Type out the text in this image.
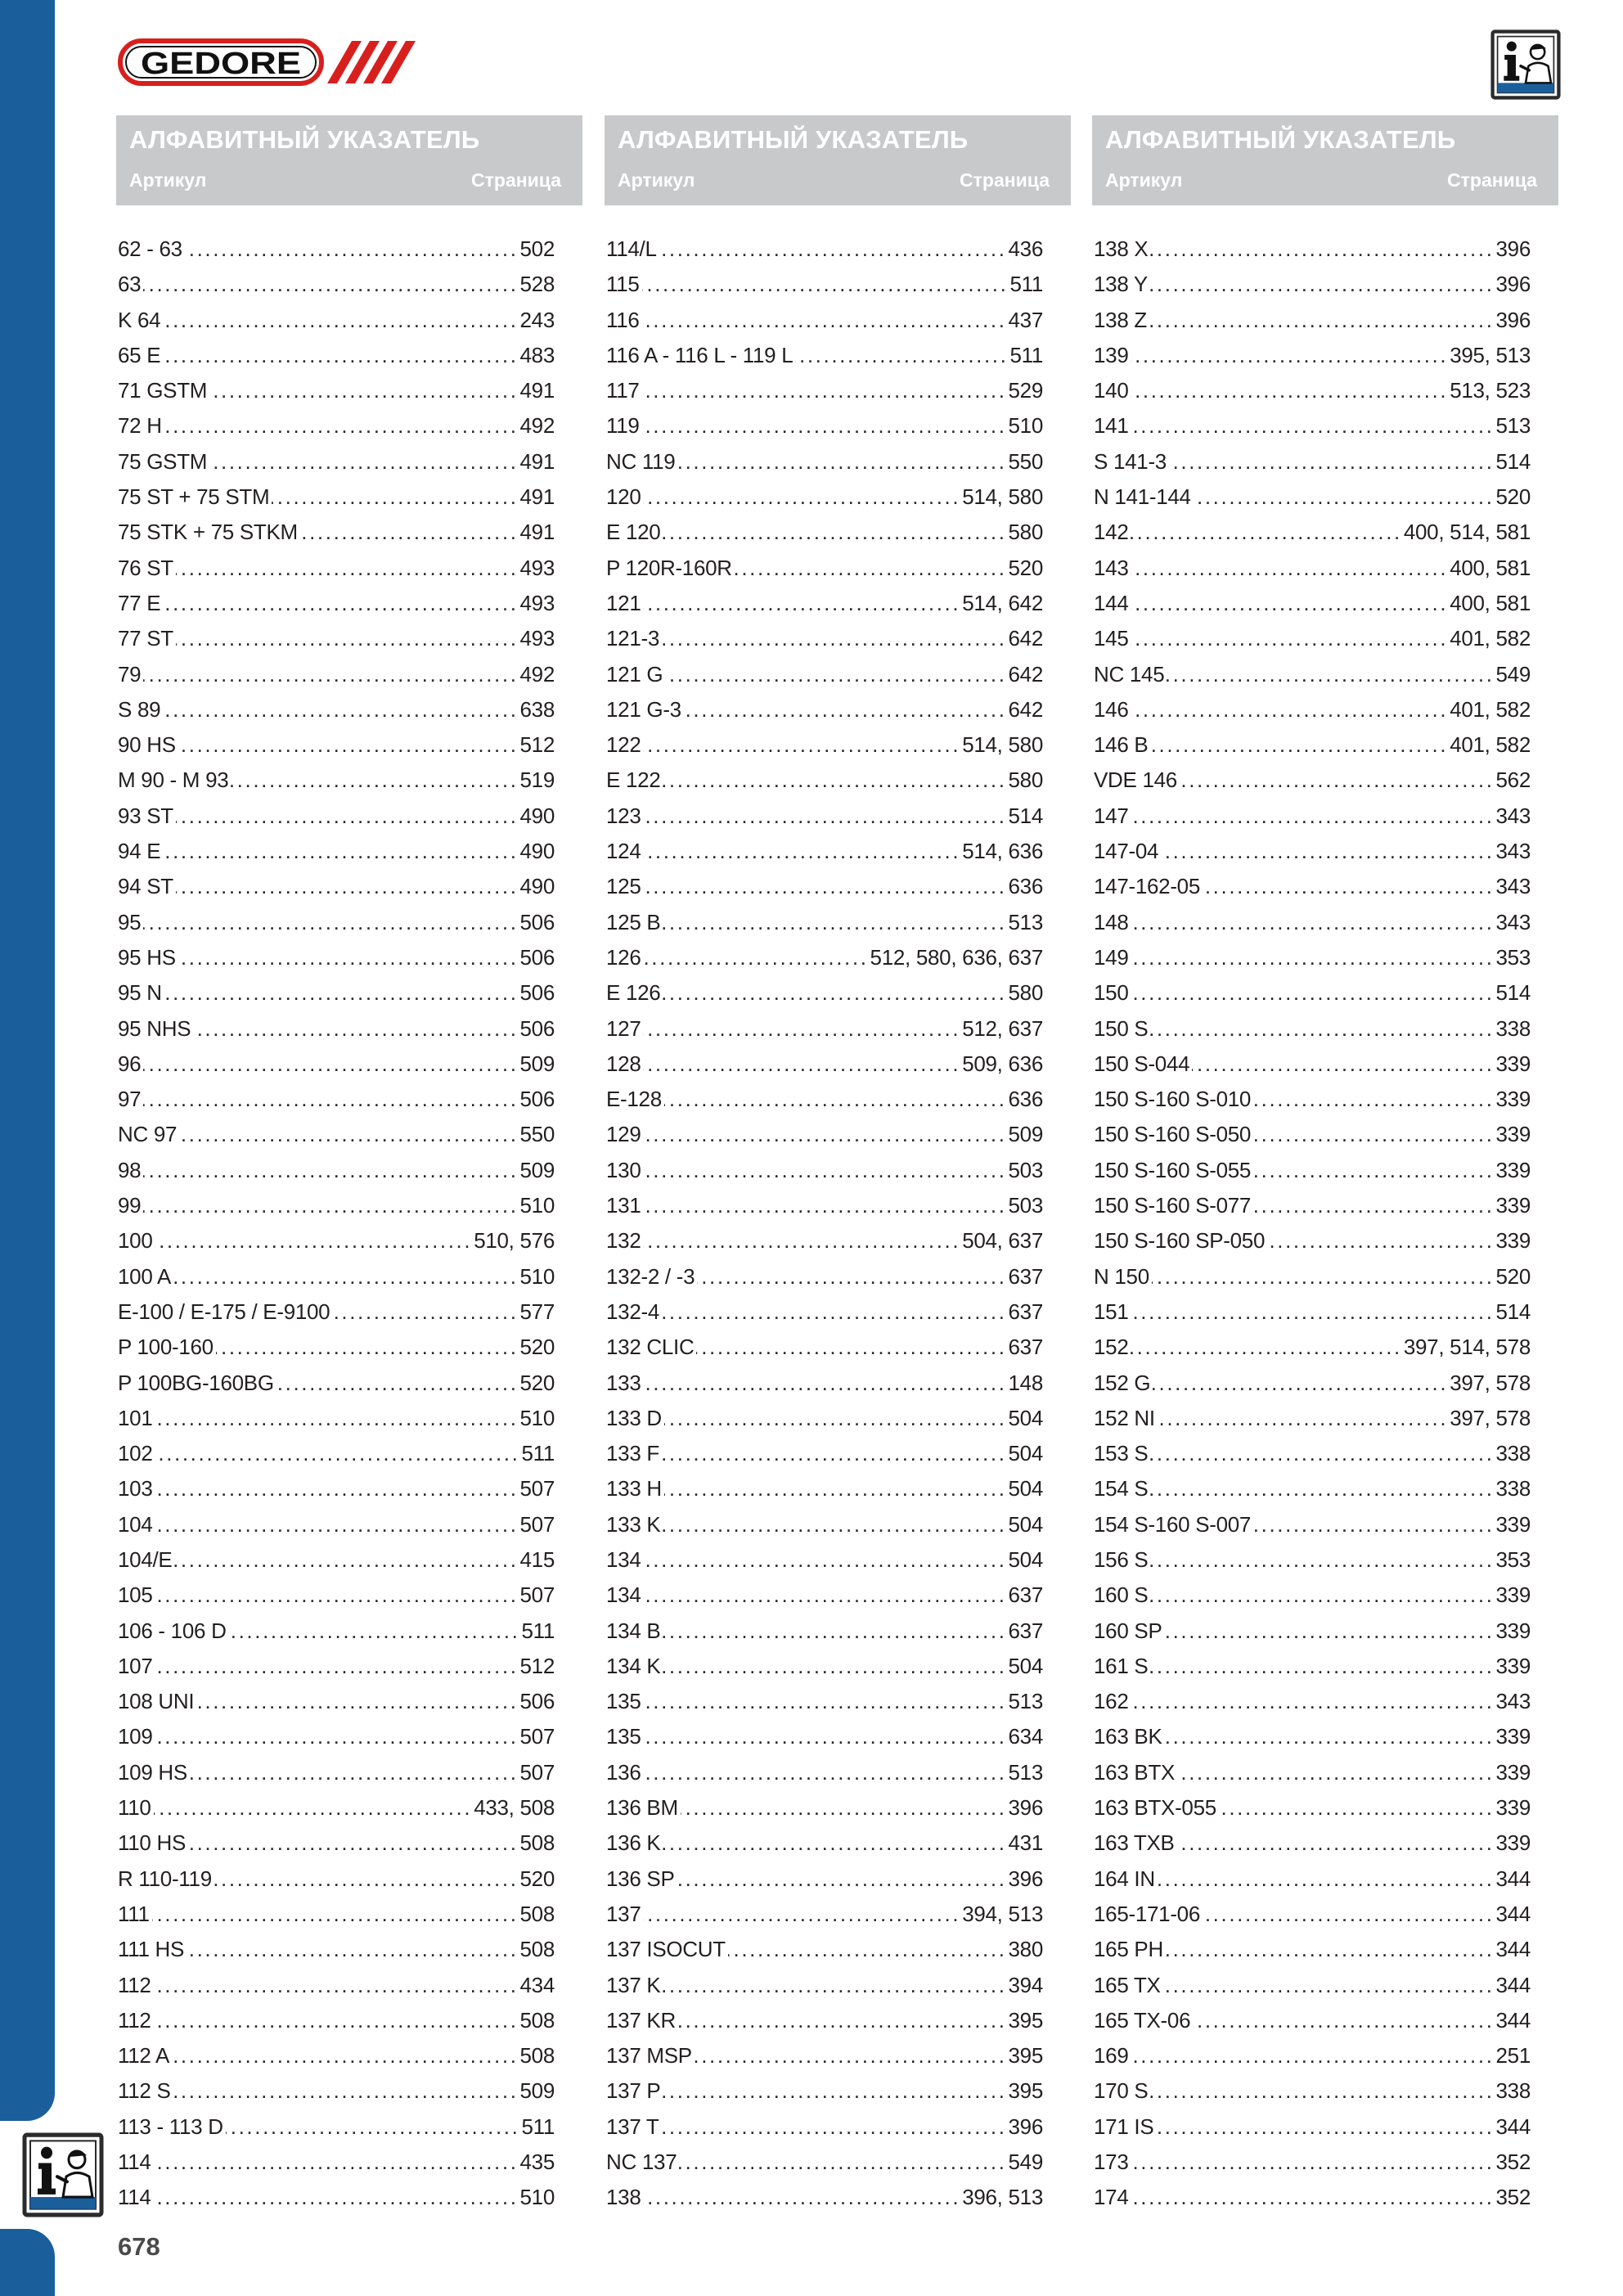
GEDORE
АЛФАВИТНЫЙ УКАЗАТЕЛЬ
Артикул	Страница
62 - 63 .....	502
63 .....	528
K 64 .....	243
65 E .....	483
71 GSTM .....	491
72 H .....	492
75 GSTM .....	491
75 ST + 75 STM .....	491
75 STK + 75 STKM .....	491
76 ST .....	493
77 E .....	493
77 ST .....	493
79 .....	492
S 89 .....	638
90 HS .....	512
M 90 - M 93 .....	519
93 ST .....	490
94 E .....	490
94 ST .....	490
95 .....	506
95 HS .....	506
95 N .....	506
95 NHS .....	506
96 .....	509
97 .....	506
NC 97 .....	550
98 .....	509
99 .....	510
100 .....	510, 576
100 A .....	510
E-100 / E-175 / E-9100 .....	577
P 100-160 .....	520
P 100BG-160BG .....	520
101 .....	510
102 .....	511
103 .....	507
104 .....	507
104/E .....	415
105 .....	507
106 - 106 D .....	511
107 .....	512
108 UNI .....	506
109 .....	507
109 HS .....	507
110 .....	433, 508
110 HS .....	508
R 110-119 .....	520
111 .....	508
111 HS .....	508
112 .....	434
112 .....	508
112 A .....	508
112 S .....	509
113 - 113 D .....	511
114 .....	435
114 .....	510
АЛФАВИТНЫЙ УКАЗАТЕЛЬ
Артикул	Страница
114/L .....	436
115 .....	511
116 .....	437
116 A - 116 L - 119 L .....	511
117 .....	529
119 .....	510
NC 119 .....	550
120 .....	514, 580
E 120 .....	580
P 120R-160R .....	520
121 .....	514, 642
121-3 .....	642
121 G .....	642
121 G-3 .....	642
122 .....	514, 580
E 122 .....	580
123 .....	514
124 .....	514, 636
125 .....	636
125 B .....	513
126 .....	512, 580, 636, 637
E 126 .....	580
127 .....	512, 637
128 .....	509, 636
E-128 .....	636
129 .....	509
130 .....	503
131 .....	503
132 .....	504, 637
132-2 / -3 .....	637
132-4 .....	637
132 CLIC .....	637
133 .....	148
133 D .....	504
133 F .....	504
133 H .....	504
133 K .....	504
134 .....	504
134 .....	637
134 B .....	637
134 K .....	504
135 .....	513
135 .....	634
136 .....	513
136 BM .....	396
136 K .....	431
136 SP .....	396
137 .....	394, 513
137 ISOCUT .....	380
137 K .....	394
137 KR .....	395
137 MSP .....	395
137 P .....	395
137 T .....	396
NC 137 .....	549
138 .....	396, 513
АЛФАВИТНЫЙ УКАЗАТЕЛЬ
Артикул	Страница
138 X .....	396
138 Y .....	396
138 Z .....	396
139 .....	395, 513
140 .....	513, 523
141 .....	513
S 141-3 .....	514
N 141-144 .....	520
142 .....	400, 514, 581
143 .....	400, 581
144 .....	400, 581
145 .....	401, 582
NC 145 .....	549
146 .....	401, 582
146 B .....	401, 582
VDE 146 .....	562
147 .....	343
147-04 .....	343
147-162-05 .....	343
148 .....	343
149 .....	353
150 .....	514
150 S .....	338
150 S-044 .....	339
150 S-160 S-010 .....	339
150 S-160 S-050 .....	339
150 S-160 S-055 .....	339
150 S-160 S-077 .....	339
150 S-160 SP-050 .....	339
N 150 .....	520
151 .....	514
152 .....	397, 514, 578
152 G .....	397, 578
152 NI .....	397, 578
153 S .....	338
154 S .....	338
154 S-160 S-007 .....	339
156 S .....	353
160 S .....	339
160 SP .....	339
161 S .....	339
162 .....	343
163 BK .....	339
163 BTX .....	339
163 BTX-055 .....	339
163 TXB .....	339
164 IN .....	344
165-171-06 .....	344
165 PH .....	344
165 TX .....	344
165 TX-06 .....	344
169 .....	251
170 S .....	338
171 IS .....	344
173 .....	352
174 .....	352
678
